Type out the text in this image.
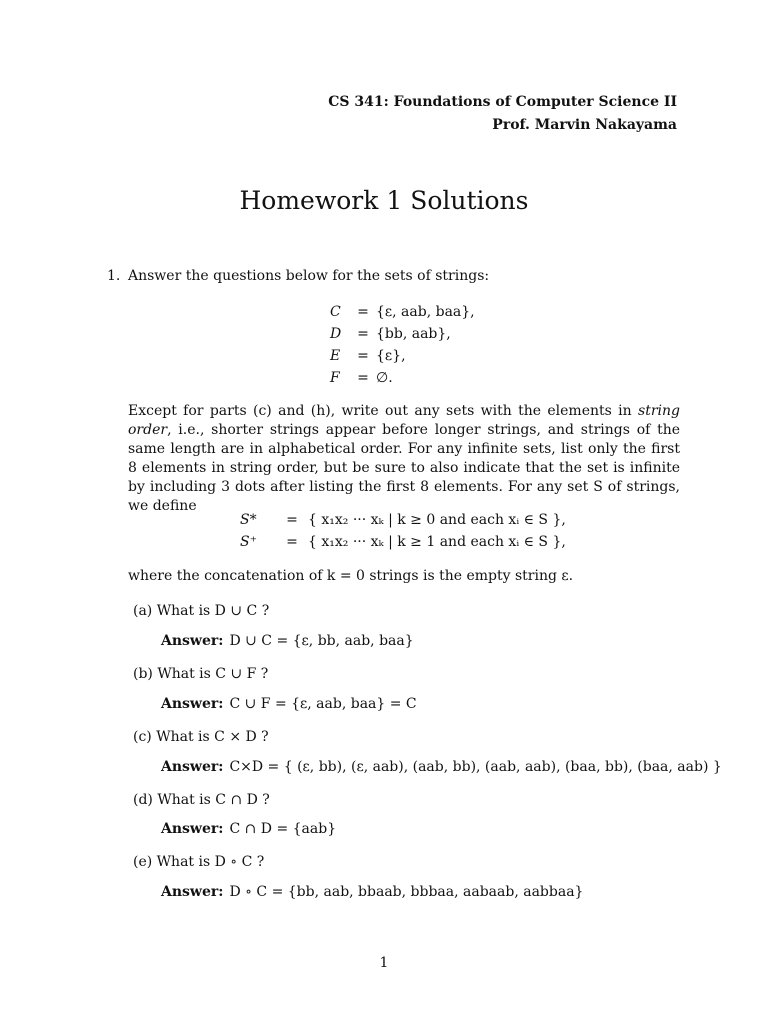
CS 341: Foundations of Computer Science II
Prof. Marvin Nakayama
Homework 1 Solutions
1. Answer the questions below for the sets of strings:
C	=	{ε, aab, baa},
D	=	{bb, aab},
E	=	{ε},
F	=	∅.
Except for parts (c) and (h), write out any sets with the elements in string order, i.e., shorter strings appear before longer strings, and strings of the same length are in alphabetical order. For any infinite sets, list only the first 8 elements in string order, but be sure to also indicate that the set is infinite by including 3 dots after listing the first 8 elements. For any set S of strings, we define
S*	=	{ x₁x₂ ··· xₖ | k ≥ 0 and each xᵢ ∈ S },
S⁺	=	{ x₁x₂ ··· xₖ | k ≥ 1 and each xᵢ ∈ S },
where the concatenation of k = 0 strings is the empty string ε.
(a) What is D ∪ C ?
Answer: D ∪ C = {ε, bb, aab, baa}
(b) What is C ∪ F ?
Answer: C ∪ F = {ε, aab, baa} = C
(c) What is C × D ?
Answer: C×D = { (ε, bb), (ε, aab), (aab, bb), (aab, aab), (baa, bb), (baa, aab) }
(d) What is C ∩ D ?
Answer: C ∩ D = {aab}
(e) What is D ∘ C ?
Answer: D ∘ C = {bb, aab, bbaab, bbbaa, aabaab, aabbaa}
1
